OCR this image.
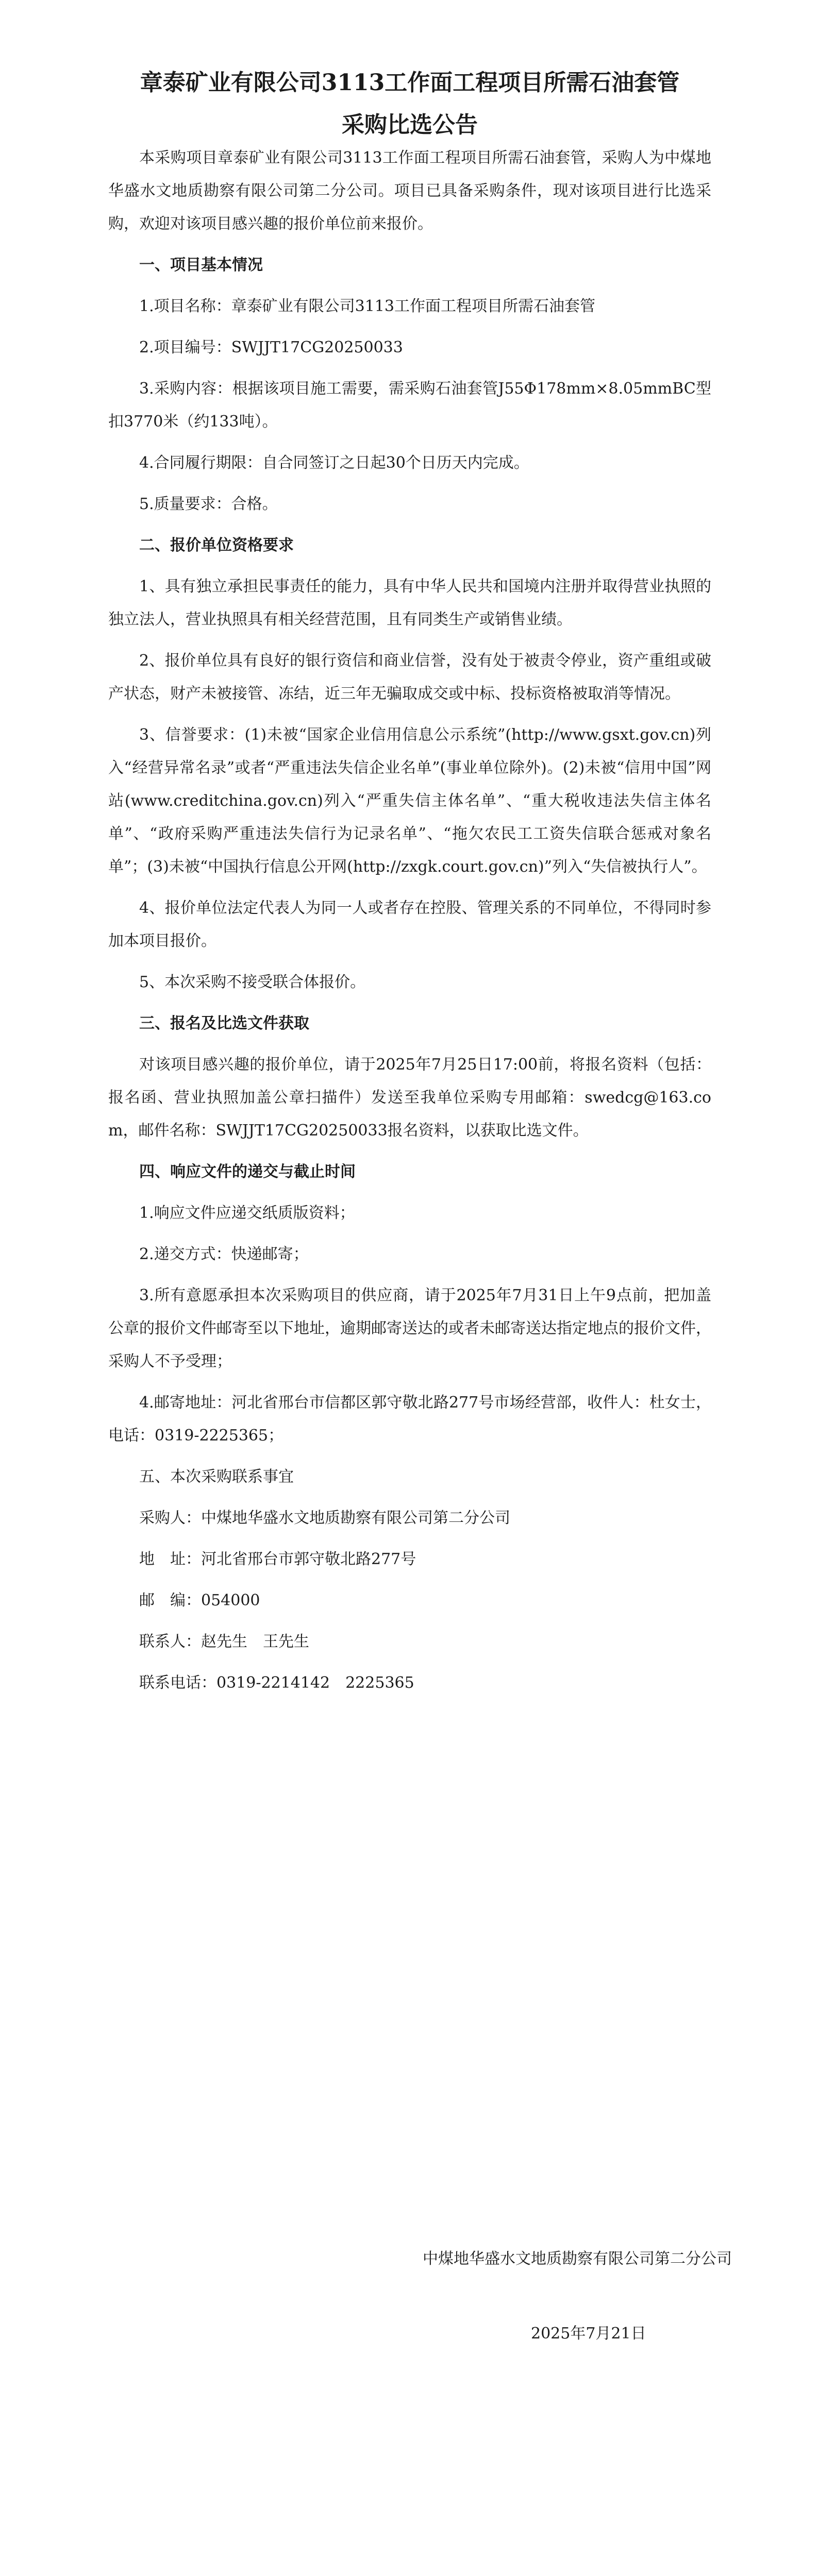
章泰矿业有限公司3113工作面工程项目所需石油套管
采购比选公告

本采购项目章泰矿业有限公司3113工作面工程项目所需石油套管，采购人为中煤地华盛水文地质勘察有限公司第二分公司。项目已具备采购条件，现对该项目进行比选采购，欢迎对该项目感兴趣的报价单位前来报价。

一、项目基本情况

1.项目名称：章泰矿业有限公司3113工作面工程项目所需石油套管

2.项目编号：SWJJT17CG20250033

3.采购内容：根据该项目施工需要，需采购石油套管J55Φ178mm×8.05mmBC型扣3770米（约133吨）。

4.合同履行期限：自合同签订之日起30个日历天内完成。

5.质量要求：合格。

二、报价单位资格要求

1、具有独立承担民事责任的能力，具有中华人民共和国境内注册并取得营业执照的独立法人，营业执照具有相关经营范围，且有同类生产或销售业绩。

2、报价单位具有良好的银行资信和商业信誉，没有处于被责令停业，资产重组或破产状态，财产未被接管、冻结，近三年无骗取成交或中标、投标资格被取消等情况。

3、信誉要求：(1)未被“国家企业信用信息公示系统”(http://www.gsxt.gov.cn)列入“经营异常名录”或者“严重违法失信企业名单”(事业单位除外)。(2)未被“信用中国”网站(www.creditchina.gov.cn)列入“严重失信主体名单”、“重大税收违法失信主体名单”、“政府采购严重违法失信行为记录名单”、“拖欠农民工工资失信联合惩戒对象名单”；(3)未被“中国执行信息公开网(http://zxgk.court.gov.cn)”列入“失信被执行人”。

4、报价单位法定代表人为同一人或者存在控股、管理关系的不同单位，不得同时参加本项目报价。

5、本次采购不接受联合体报价。

三、报名及比选文件获取

对该项目感兴趣的报价单位，请于2025年7月25日17:00前，将报名资料（包括：报名函、营业执照加盖公章扫描件）发送至我单位采购专用邮箱：swedcg@163.com，邮件名称：SWJJT17CG20250033报名资料，以获取比选文件。

四、响应文件的递交与截止时间

1.响应文件应递交纸质版资料；

2.递交方式：快递邮寄；

3.所有意愿承担本次采购项目的供应商，请于2025年7月31日上午9点前，把加盖公章的报价文件邮寄至以下地址，逾期邮寄送达的或者未邮寄送达指定地点的报价文件，采购人不予受理；

4.邮寄地址：河北省邢台市信都区郭守敬北路277号市场经营部，收件人：杜女士，电话：0319-2225365；

五、本次采购联系事宜

采购人：中煤地华盛水文地质勘察有限公司第二分公司
地　址：河北省邢台市郭守敬北路277号
邮　编：054000
联系人：赵先生　王先生
联系电话：0319-2214142　2225365
中煤地华盛水文地质勘察有限公司第二分公司
2025年7月21日
